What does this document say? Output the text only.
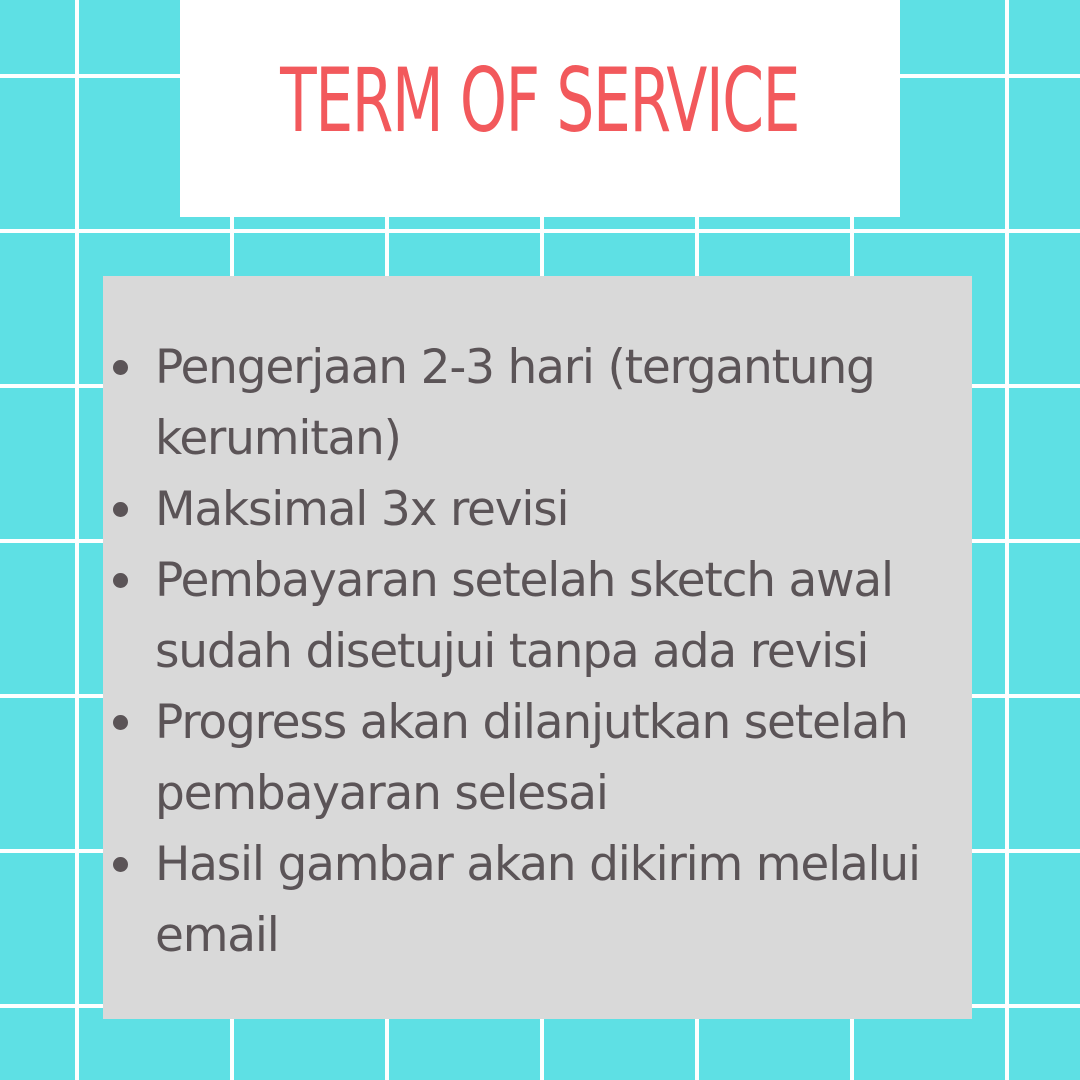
TERM OF SERVICE
Pengerjaan 2-3 hari (tergantung
kerumitan)
Maksimal 3x revisi
Pembayaran setelah sketch awal
sudah disetujui tanpa ada revisi
Progress akan dilanjutkan setelah
pembayaran selesai
Hasil gambar akan dikirim melalui
email
